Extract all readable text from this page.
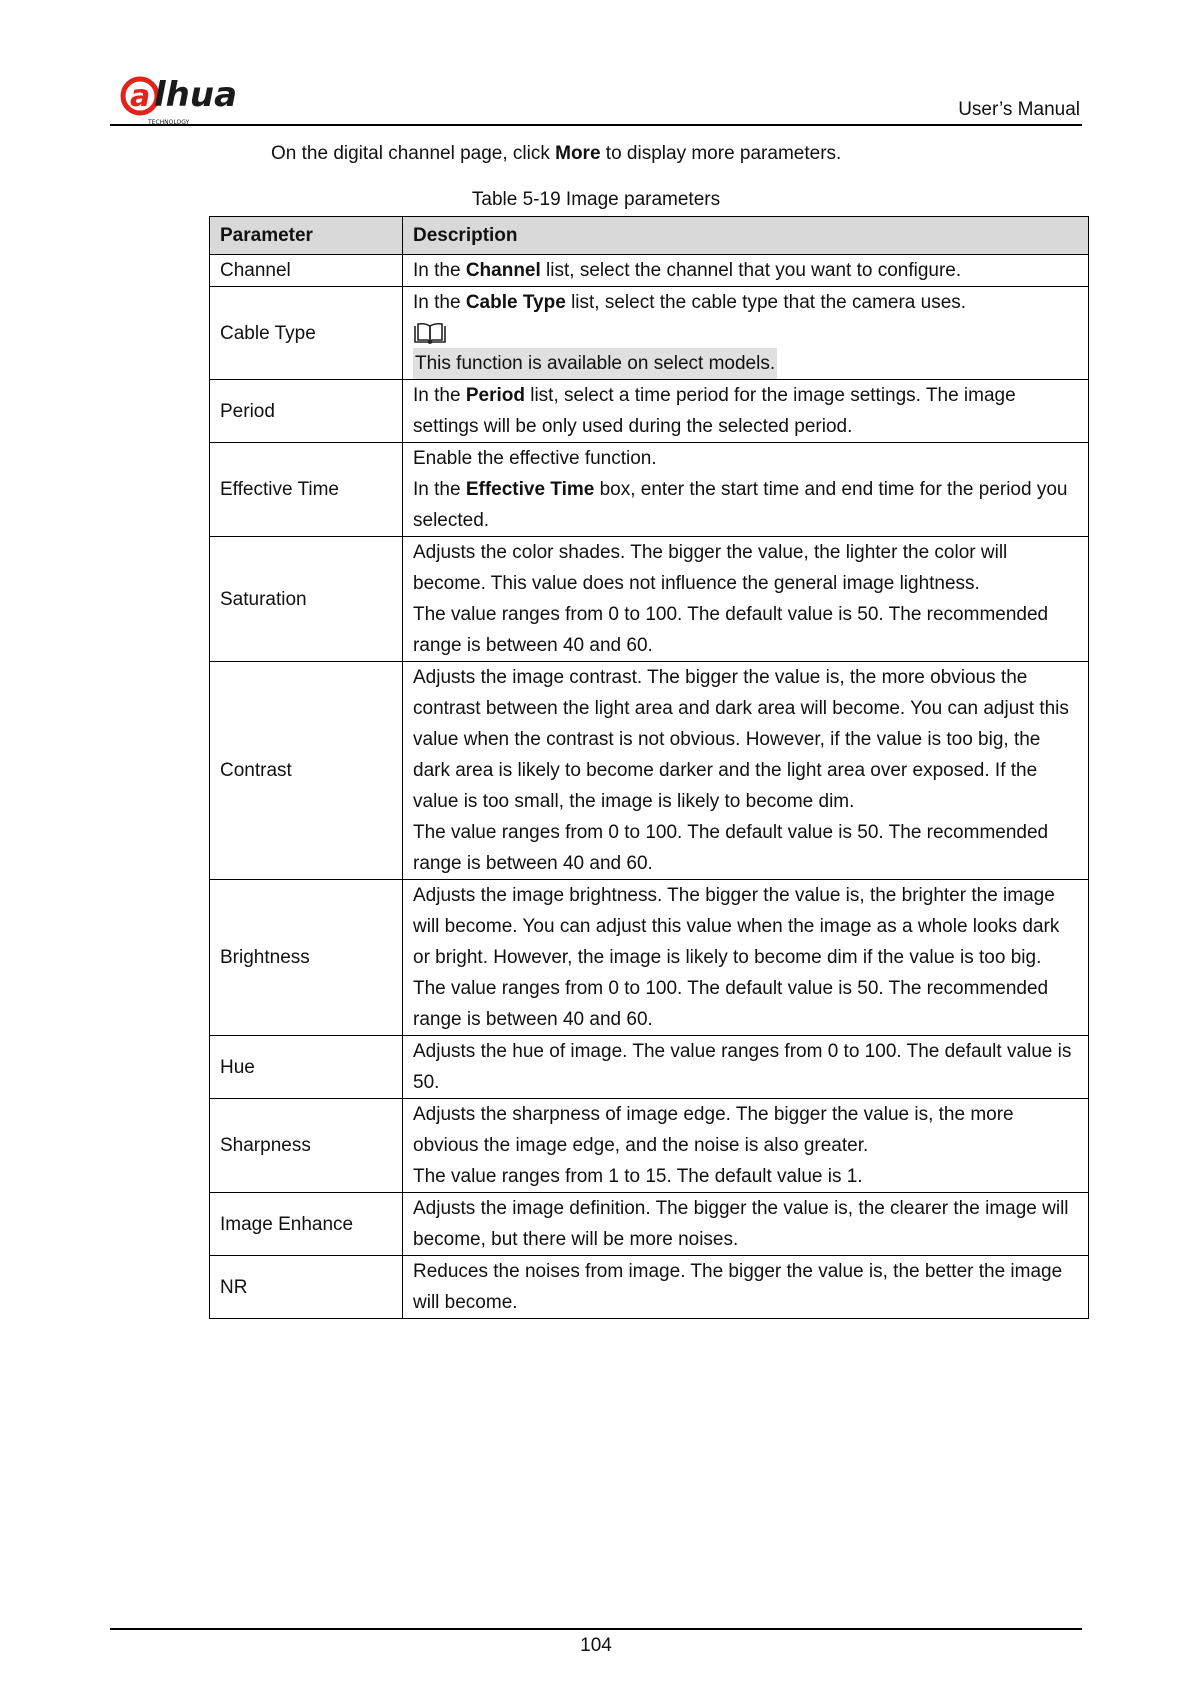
a lhua
TECHNOLOGY
User’s Manual
On the digital channel page, click More to display more parameters.
Table 5-19 Image parameters
Parameter	Description
Channel	In the Channel list, select the channel that you want to configure.

Cable Type	In the Cable Type list, select the cable type that the camera uses.

This function is available on select models.

Period	In the Period list, select a time period for the image settings. The image settings will be only used during the selected period.

Effective Time	Enable the effective function.

In the Effective Time box, enter the start time and end time for the period you selected.

Saturation	Adjusts the color shades. The bigger the value, the lighter the color will become. This value does not influence the general image lightness.

The value ranges from 0 to 100. The default value is 50. The recommended range is between 40 and 60.

Contrast	Adjusts the image contrast. The bigger the value is, the more obvious the contrast between the light area and dark area will become. You can adjust this value when the contrast is not obvious. However, if the value is too big, the dark area is likely to become darker and the light area over exposed. If the value is too small, the image is likely to become dim.

The value ranges from 0 to 100. The default value is 50. The recommended range is between 40 and 60.

Brightness	Adjusts the image brightness. The bigger the value is, the brighter the image will become. You can adjust this value when the image as a whole looks dark or bright. However, the image is likely to become dim if the value is too big.

The value ranges from 0 to 100. The default value is 50. The recommended range is between 40 and 60.

Hue	Adjusts the hue of image. The value ranges from 0 to 100. The default value is 50.

Sharpness	Adjusts the sharpness of image edge. The bigger the value is, the more obvious the image edge, and the noise is also greater.

The value ranges from 1 to 15. The default value is 1.

Image Enhance	Adjusts the image definition. The bigger the value is, the clearer the image will become, but there will be more noises.

NR	Reduces the noises from image. The bigger the value is, the better the image will become.

104
